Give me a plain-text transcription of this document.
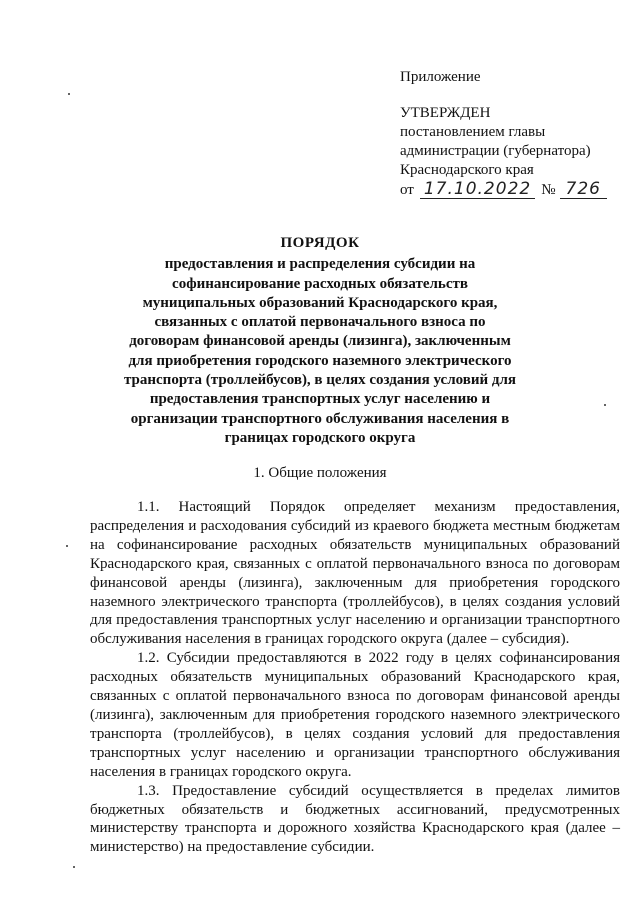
Приложение
УТВЕРЖДЕН
постановлением главы
администрации (губернатора)
Краснодарского края
от 17.10.2022 № 726
ПОРЯДОК
предоставления и распределения субсидии на
софинансирование расходных обязательств
муниципальных образований Краснодарского края,
связанных с оплатой первоначального взноса по
договорам финансовой аренды (лизинга), заключенным
для приобретения городского наземного электрического
транспорта (троллейбусов), в целях создания условий для
предоставления транспортных услуг населению и
организации транспортного обслуживания населения в
границах городского округа
1. Общие положения

1.1. Настоящий Порядок определяет механизм предоставления, распределения и расходования субсидий из краевого бюджета местным бюджетам на софинансирование расходных обязательств муниципальных образований Краснодарского края, связанных с оплатой первоначального взноса по договорам финансовой аренды (лизинга), заключенным для приобретения городского наземного электрического транспорта (троллейбусов), в целях создания условий для предоставления транспортных услуг населению и организации транспортного обслуживания населения в границах городского округа (далее – субсидия).

1.2. Субсидии предоставляются в 2022 году в целях софинансирования расходных обязательств муниципальных образований Краснодарского края, связанных с оплатой первоначального взноса по договорам финансовой аренды (лизинга), заключенным для приобретения городского наземного электрического транспорта (троллейбусов), в целях создания условий для предоставления транспортных услуг населению и организации транспортного обслуживания населения в границах городского округа.

1.3. Предоставление субсидий осуществляется в пределах лимитов бюджетных обязательств и бюджетных ассигнований, предусмотренных министерству транспорта и дорожного хозяйства Краснодарского края (далее – министерство) на предоставление субсидии.
